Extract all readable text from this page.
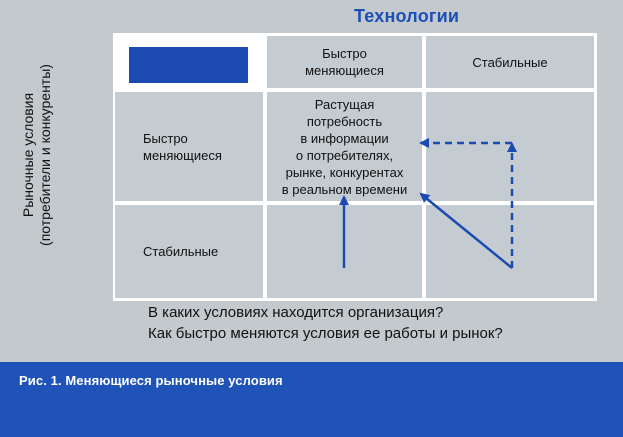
Технологии
Рыночные условия (потребители и конкуренты)
Быстро
меняющиеся
Стабильные
Быстро
меняющиеся
Растущая
потребность
в информации
о потребителях,
рынке, конкурентах
в реальном времени
Стабильные
В каких условиях находится организация?
Как быстро меняются условия ее работы и рынок?
Рис. 1. Меняющиеся рыночные условия
